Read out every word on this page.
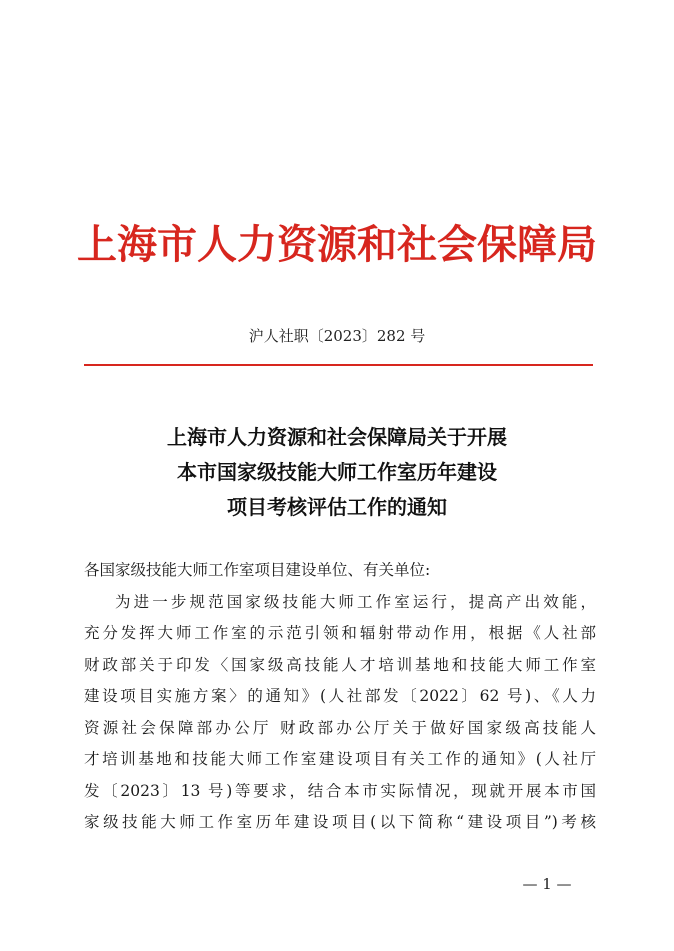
上海市人力资源和社会保障局
沪人社职〔2023〕282 号
上海市人力资源和社会保障局关于开展
本市国家级技能大师工作室历年建设
项目考核评估工作的通知
各国家级技能大师工作室项目建设单位、有关单位:
为进一步规范国家级技能大师工作室运行，提高产出效能，
充分发挥大师工作室的示范引领和辐射带动作用，根据《人社部
财政部关于印发〈国家级高技能人才培训基地和技能大师工作室
建设项目实施方案〉的通知》(人社部发〔2022〕62 号)、《人力
资源社会保障部办公厅 财政部办公厅关于做好国家级高技能人
才培训基地和技能大师工作室建设项目有关工作的通知》(人社厅
发〔2023〕13 号)等要求，结合本市实际情况，现就开展本市国
家级技能大师工作室历年建设项目(以下简称“建设项目”)考核
— 1 —
